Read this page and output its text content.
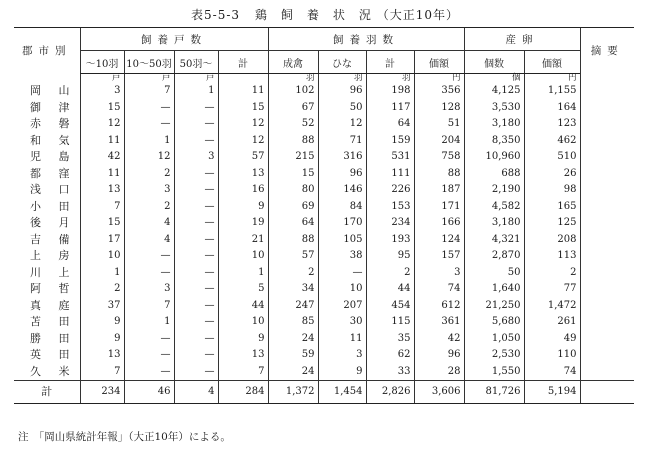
表5-5-3 鶏　飼　養　状　況 （大正10年）
郡市別	飼養戸数				飼養羽数				産卵		摘要
	〜10羽	10〜50羽	50羽〜	計	成禽	ひな	計	価額	個数	価額	
	戸	戸	戸		羽	羽	羽	円	個	円	
岡山	3	7	1	11	102	96	198	356	4,125	1,155	
御津	15	—	—	15	67	50	117	128	3,530	164	
赤磐	12	—	—	12	52	12	64	51	3,180	123	
和気	11	1	—	12	88	71	159	204	8,350	462	
児島	42	12	3	57	215	316	531	758	10,960	510	
都窪	11	2	—	13	15	96	111	88	688	26	
浅口	13	3	—	16	80	146	226	187	2,190	98	
小田	7	2	—	9	69	84	153	171	4,582	165	
後月	15	4	—	19	64	170	234	166	3,180	125	
吉備	17	4	—	21	88	105	193	124	4,321	208	
上房	10	—	—	10	57	38	95	157	2,870	113	
川上	1	—	—	1	2	—	2	3	50	2	
阿哲	2	3	—	5	34	10	44	74	1,640	77	
真庭	37	7	—	44	247	207	454	612	21,250	1,472	
苫田	9	1	—	10	85	30	115	361	5,680	261	
勝田	9	—	—	9	24	11	35	42	1,050	49	
英田	13	—	—	13	59	3	62	96	2,530	110	
久米	7	—	—	7	24	9	33	28	1,550	74	
計	234	46	4	284	1,372	1,454	2,826	3,606	81,726	5,194	
注　「岡山県統計年報」（大正10年）による。
